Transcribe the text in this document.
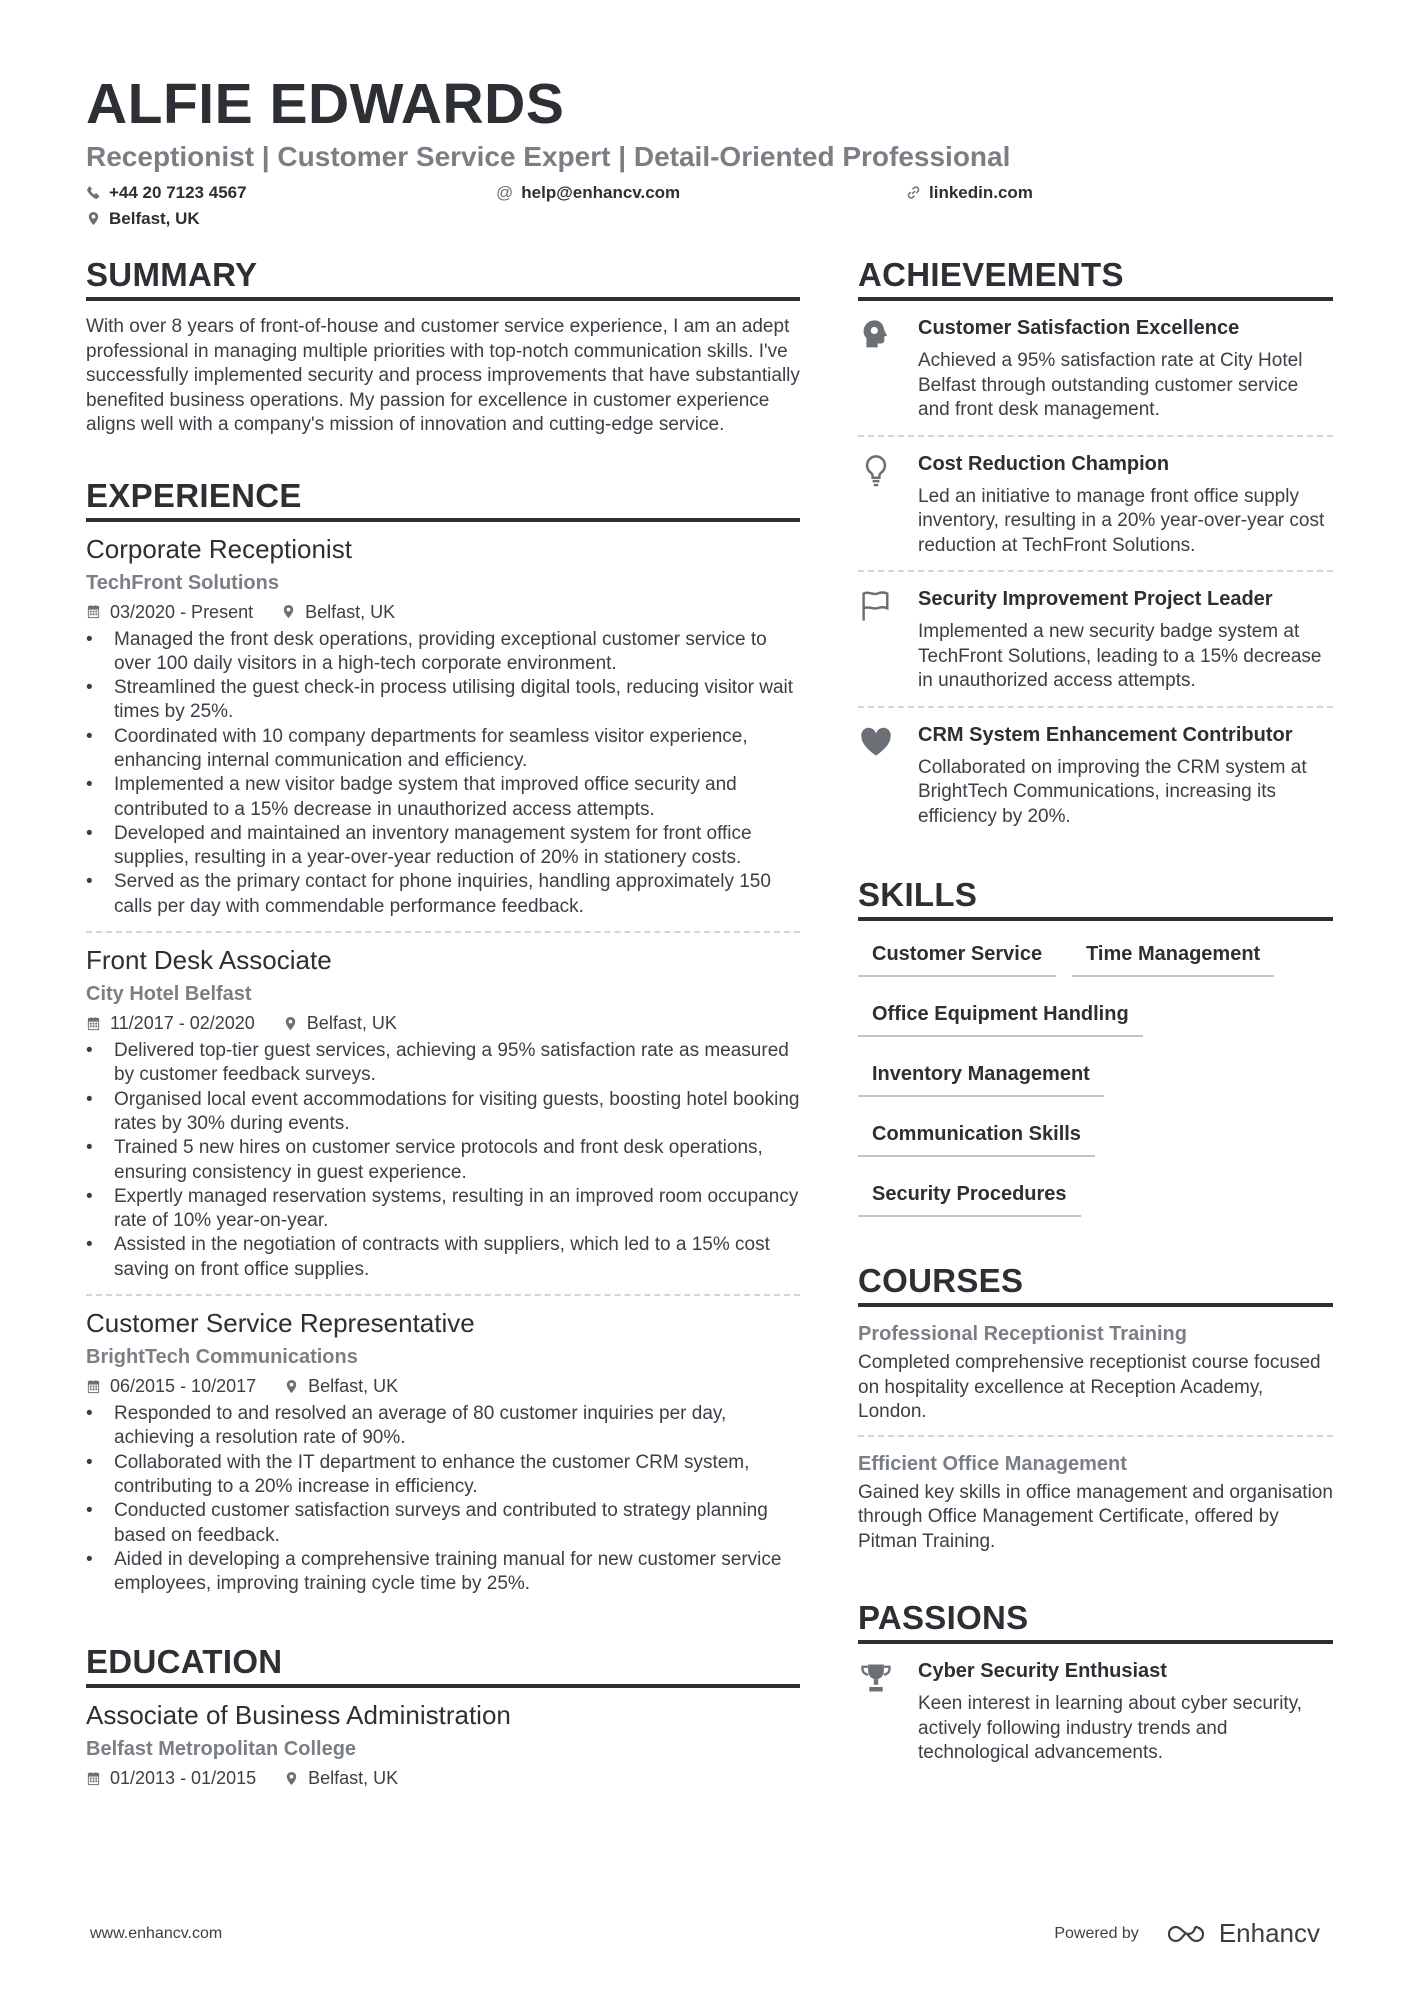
ALFIE EDWARDS
Receptionist | Customer Service Expert | Detail-Oriented Professional
+44 20 7123 4567	@ help@enhancv.com	linkedin.com
Belfast, UK
SUMMARY

With over 8 years of front-of-house and customer service experience, I am an adept professional in managing multiple priorities with top-notch communication skills. I've successfully implemented security and process improvements that have substantially benefited business operations. My passion for excellence in customer experience aligns well with a company's mission of innovation and cutting-edge service.

EXPERIENCE
Corporate Receptionist
TechFront Solutions
03/2020 - Present	Belfast, UK
• Managed the front desk operations, providing exceptional customer service to over 100 daily visitors in a high-tech corporate environment.
• Streamlined the guest check-in process utilising digital tools, reducing visitor wait times by 25%.
• Coordinated with 10 company departments for seamless visitor experience, enhancing internal communication and efficiency.
• Implemented a new visitor badge system that improved office security and contributed to a 15% decrease in unauthorized access attempts.
• Developed and maintained an inventory management system for front office supplies, resulting in a year-over-year reduction of 20% in stationery costs.
• Served as the primary contact for phone inquiries, handling approximately 150 calls per day with commendable performance feedback.
Front Desk Associate
City Hotel Belfast
11/2017 - 02/2020	Belfast, UK
• Delivered top-tier guest services, achieving a 95% satisfaction rate as measured by customer feedback surveys.
• Organised local event accommodations for visiting guests, boosting hotel booking rates by 30% during events.
• Trained 5 new hires on customer service protocols and front desk operations, ensuring consistency in guest experience.
• Expertly managed reservation systems, resulting in an improved room occupancy rate of 10% year-on-year.
• Assisted in the negotiation of contracts with suppliers, which led to a 15% cost saving on front office supplies.
Customer Service Representative
BrightTech Communications
06/2015 - 10/2017	Belfast, UK
• Responded to and resolved an average of 80 customer inquiries per day, achieving a resolution rate of 90%.
• Collaborated with the IT department to enhance the customer CRM system, contributing to a 20% increase in efficiency.
• Conducted customer satisfaction surveys and contributed to strategy planning based on feedback.
• Aided in developing a comprehensive training manual for new customer service employees, improving training cycle time by 25%.
EDUCATION
Associate of Business Administration
Belfast Metropolitan College
01/2013 - 01/2015	Belfast, UK
ACHIEVEMENTS
Customer Satisfaction Excellence
Achieved a 95% satisfaction rate at City Hotel Belfast through outstanding customer service and front desk management.
Cost Reduction Champion
Led an initiative to manage front office supply inventory, resulting in a 20% year-over-year cost reduction at TechFront Solutions.
Security Improvement Project Leader
Implemented a new security badge system at TechFront Solutions, leading to a 15% decrease in unauthorized access attempts.
CRM System Enhancement Contributor
Collaborated on improving the CRM system at BrightTech Communications, increasing its efficiency by 20%.
SKILLS
Customer Service	Time Management
Office Equipment Handling
Inventory Management
Communication Skills
Security Procedures
COURSES
Professional Receptionist Training
Completed comprehensive receptionist course focused on hospitality excellence at Reception Academy, London.
Efficient Office Management
Gained key skills in office management and organisation through Office Management Certificate, offered by Pitman Training.
PASSIONS
Cyber Security Enthusiast
Keen interest in learning about cyber security, actively following industry trends and technological advancements.
www.enhancv.com	Powered by	Enhancv
